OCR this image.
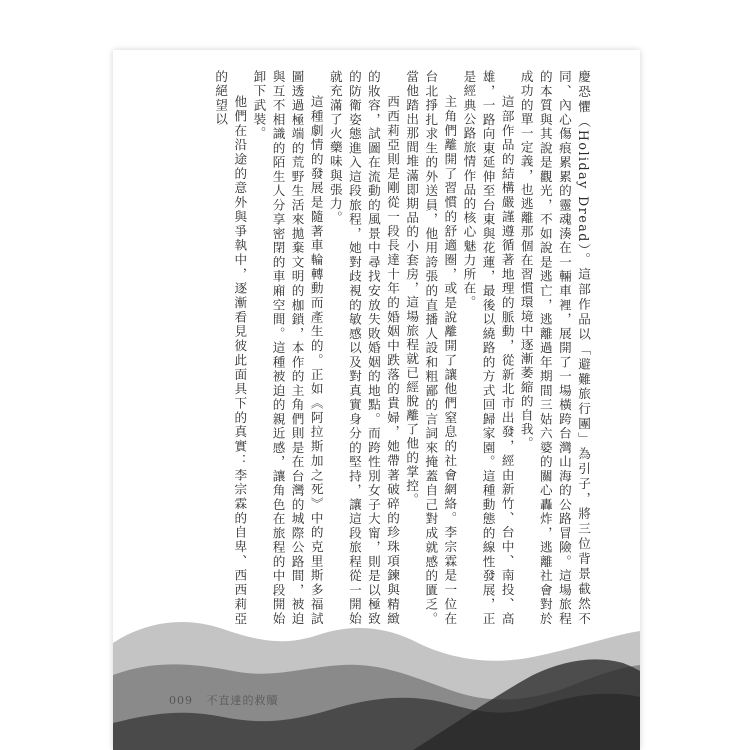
慶恐懼（Holiday Dread）。這部作品以「避難旅行團」為引子，將三位背景截然不同、內心傷痕累累的靈魂湊在一輛車裡，展開了一場橫跨台灣山海的公路冒險。這場旅程的本質與其說是觀光，不如說是逃亡，逃離過年期間三姑六婆的關心轟炸，逃離社會對於成功的單一定義，也逃離那個在習慣環境中逐漸萎縮的自我。

這部作品的結構嚴謹遵循著地理的脈動，從新北市出發，經由新竹、台中、南投、高雄，一路向東延伸至台東與花蓮，最後以繞路的方式回歸家園。這種動態的線性發展，正是經典公路旅情作品的核心魅力所在。

主角們離開了習慣的舒適圈，或是說離開了讓他們窒息的社會網絡。李宗霖是一位在台北掙扎求生的外送員，他用誇張的直播人設和粗鄙的言詞來掩蓋自己對成就感的匱乏。當他踏出那間堆滿即期品的小套房，這場旅程就已經脫離了他的掌控。

西西莉亞則是剛從一段長達十年的婚姻中跌落的貴婦，她帶著破碎的珍珠項鍊與精緻的妝容，試圖在流動的風景中尋找安放失敗婚姻的地點。而跨性別女子大甯，則是以極致的防衛姿態進入這段旅程，她對歧視的敏感以及對真實身分的堅持，讓這段旅程從一開始就充滿了火藥味與張力。

這種劇情的發展是隨著車輪轉動而產生的。正如《阿拉斯加之死》中的克里斯多福試圖透過極端的荒野生活來拋棄文明的枷鎖，本作的主角們則是在台灣的城際公路間，被迫與互不相識的陌生人分享密閉的車廂空間。這種被迫的親近感，讓角色在旅程的中段開始卸下武裝。

他們在沿途的意外與爭執中，逐漸看見彼此面具下的真實：李宗霖的自卑、西西莉亞的絕望以

009 不直達的救贖
